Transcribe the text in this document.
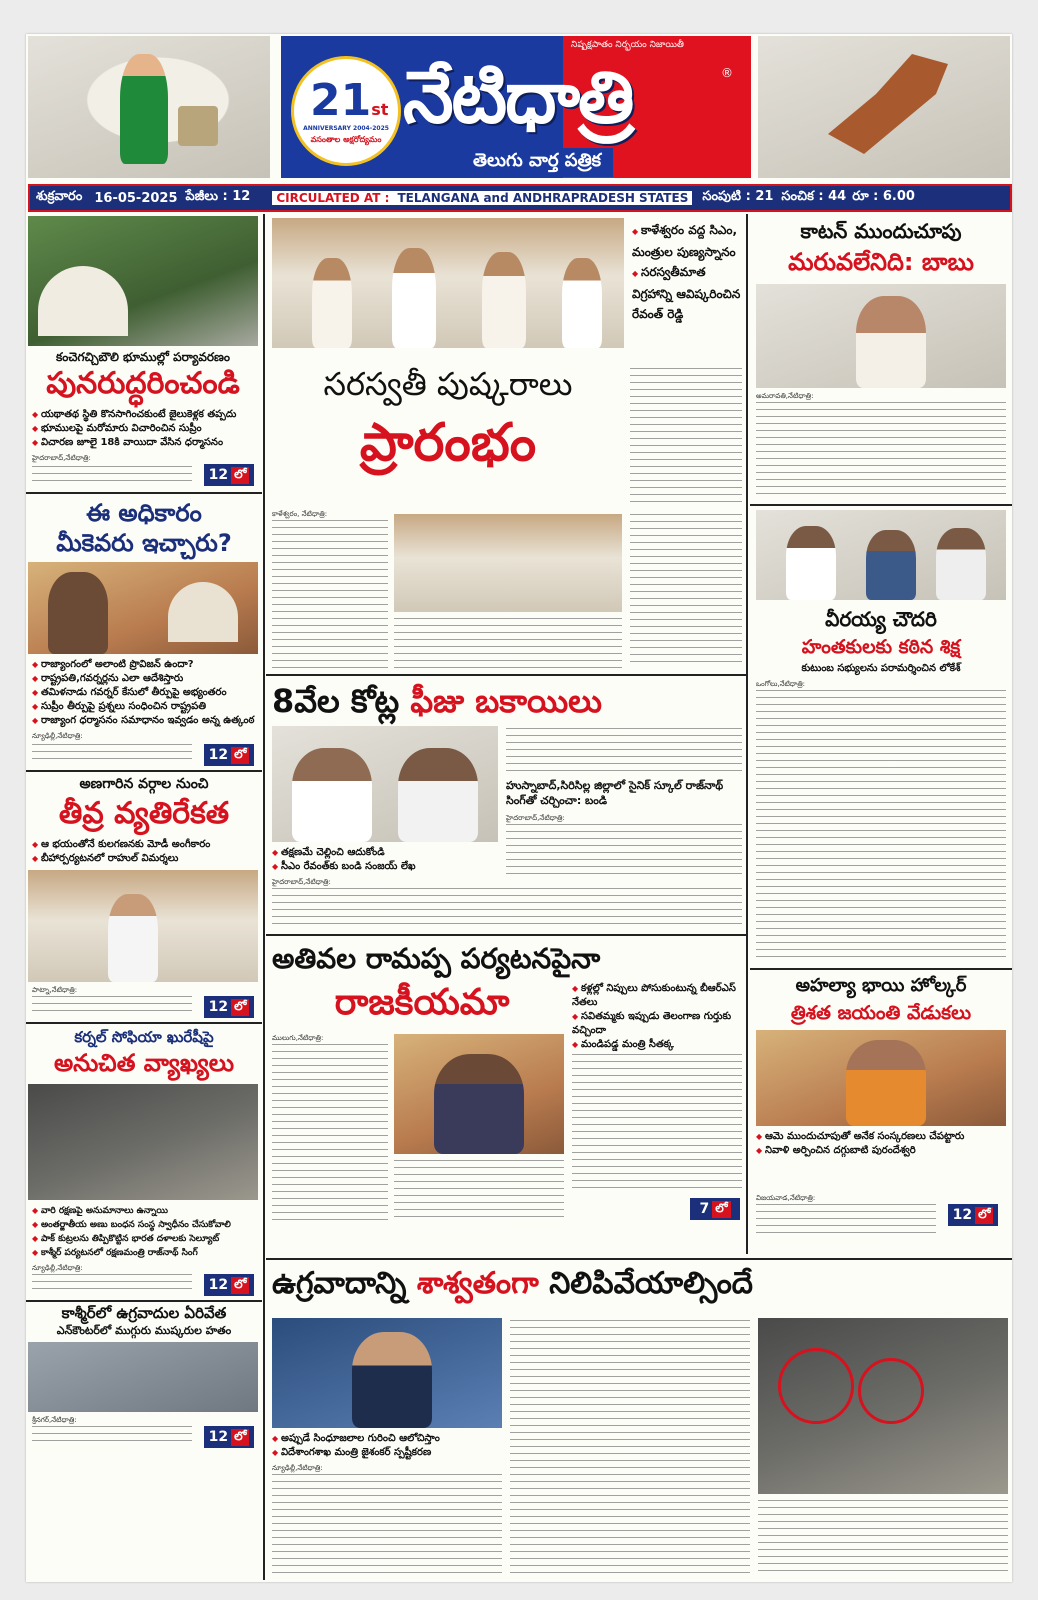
21st
ANNIVERSARY 2004-2025
వసంతాల అక్షరోద్యమం
నిష్పక్షపాతం నిర్భయం నిజాయితీ
నేటిధాత్రి	®
తెలుగు వార్త పత్రిక
శుక్రవారం 16-05-2025 పేజీలు : 12	CIRCULATED AT : TELANGANA and ANDHRAPRADESH STATES	సంపుటి : 21 సంచిక : 44 రూ : 6.00
కంచెగచ్చిబౌలి భూముల్లో పర్యావరణం
పునరుద్ధరించండి
◆ యథాతథ స్థితి కొనసాగించకుంటే జైలుకెళ్లక తప్పదు
◆ భూములపై మరోమారు విచారించిన సుప్రీం
◆ విచారణ జూలై 18కి వాయిదా వేసిన ధర్మాసనం
హైదరాబాద్,నేటిధాత్రి:
12 లో
ఈ అధికారం
మీకెవరు ఇచ్చారు?
◆ రాజ్యాంగంలో అలాంటి ప్రొవిజన్ ఉందా?
◆ రాష్ట్రపతి,గవర్నర్లను ఎలా ఆదేశిస్తారు
◆ తమిళనాడు గవర్నర్ కేసులో తీర్పుపై అభ్యంతరం
◆ సుప్రీం తీర్పుపై ప్రశ్నలు సంధించిన రాష్ట్రపతి
◆ రాజ్యాంగ ధర్మాసనం సమాధానం ఇవ్వడం అన్న ఉత్కంఠ
న్యూఢిల్లీ,నేటిధాత్రి:
12 లో
అణగారిన వర్గాల నుంచి
తీవ్ర వ్యతిరేకత
◆ ఆ భయంతోనే కులగణనకు మోడీ అంగీకారం
◆ బీహార్పర్యటనలో రాహుల్ విమర్శలు
పాట్నా,నేటిధాత్రి:
12 లో
కర్నల్ సోఫియా ఖురేషీపై
అనుచిత వ్యాఖ్యలు
◆ వారి రక్షణపై అనుమానాలు ఉన్నాయి
◆ అంతర్జాతీయ అణు బంధన సంస్థ స్వాధీనం చేసుకోవాలి
◆ పాక్ కుట్రలను తిప్పికొట్టిన భారత దళాలకు సెల్యూట్
◆ కాశ్మీర్ పర్యటనలో రక్షణమంత్రి రాజ్‌నాథ్ సింగ్
న్యూఢిల్లీ,నేటిధాత్రి:
12 లో
కాశ్మీర్‌లో ఉగ్రవాదుల ఏరివేత
ఎన్‌కౌంటర్‌లో ముగ్గురు ముష్కరుల హతం
శ్రీనగర్,నేటిధాత్రి:
12 లో
◆ కాళేశ్వరం వద్ద సిఎం, మంత్రుల పుణ్యస్నానం
◆ సరస్వతీమాత విగ్రహాన్ని ఆవిష్కరించిన రేవంత్ రెడ్డి
సరస్వతీ పుష్కరాలు
ప్రారంభం
కాళేశ్వరం, నేటిధాత్రి:
8వేల కోట్ల ఫీజు బకాయిలు
◆ తక్షణమే చెల్లించి ఆదుకోండి
◆ సీఎం రేవంత్‌కు బండి సంజయ్ లేఖ
హైదరాబాద్,నేటిధాత్రి:
హుస్నాబాద్,సిరిసిల్ల జిల్లాలో సైనిక్ స్కూల్ రాజ్‌నాథ్ సింగ్‌తో చర్చించా: బండి
హైదరాబాద్,నేటిధాత్రి:
అతివల రామప్ప పర్యటనపైనా
రాజకీయమా
◆	కళ్లల్లో నిప్పులు పోసుకుంటున్న బీఆర్ఎస్ నేతలు
◆ సవితమ్మకు ఇప్పుడు తెలంగాణ గుర్తుకు వచ్చిందా
◆ మండిపడ్డ మంత్రి సీతక్క
ములుగు,నేటిధాత్రి:
7 లో
కాటన్ ముందుచూపు
మరువలేనిది: బాబు
అమరావతి,నేటిధాత్రి:
వీరయ్య చౌదరి
హంతకులకు కఠిన శిక్ష
కుటుంబ సభ్యులను పరామర్శించిన లోకేశ్
ఒంగోలు,నేటిధాత్రి:
అహల్యా భాయి హోల్కర్
త్రిశత జయంతి వేడుకలు
◆ ఆమె ముందుచూపుతో అనేక సంస్కరణలు చేపట్టారు
◆ నివాళి అర్పించిన దగ్గుబాటి పురందేశ్వరి
విజయవాడ,నేటిధాత్రి:
12 లో
ఉగ్రవాదాన్ని శాశ్వతంగా నిలిపివేయాల్సిందే
◆ అప్పుడే సింధూజలాల గురించి ఆలోచిస్తాం
◆ విదేశాంగశాఖ మంత్రి జైశంకర్ స్పష్టీకరణ
న్యూఢిల్లీ,నేటిధాత్రి:
